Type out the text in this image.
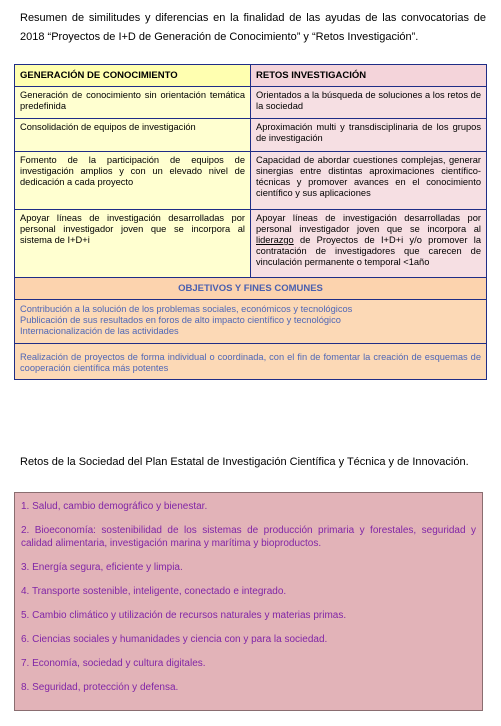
Resumen de similitudes y diferencias en la finalidad de las ayudas de las convocatorias de 2018 “Proyectos de I+D de Generación de Conocimiento” y “Retos Investigación”.
GENERACIÓN DE CONOCIMIENTO	RETOS INVESTIGACIÓN

Generación de conocimiento sin orientación temática predefinida	Orientados a la búsqueda de soluciones a los retos de la sociedad

Consolidación de equipos de investigación	Aproximación multi y transdisciplinaria de los grupos de investigación

Fomento de la participación de equipos de investigación amplios y con un elevado nivel de dedicación a cada proyecto	Capacidad de abordar cuestiones complejas, generar sinergias entre distintas aproximaciones científico-técnicas y promover avances en el conocimiento científico y sus aplicaciones

Apoyar líneas de investigación desarrolladas por personal investigador joven que se incorpora al sistema de I+D+i	Apoyar líneas de investigación desarrolladas por personal investigador joven que se incorpora al liderazgo de Proyectos de I+D+i y/o promover la contratación de investigadores que carecen de vinculación permanente o temporal <1año

OBJETIVOS Y FINES COMUNES	

Contribución a la solución de los problemas sociales, económicos y tecnológicos

Publicación de sus resultados en foros de alto impacto científico y tecnológico

Internacionalización de las actividades	

Realización de proyectos de forma individual o coordinada, con el fin de fomentar la creación de esquemas de cooperación científica más potentes	

Retos de la Sociedad del Plan Estatal de Investigación Científica y Técnica y de Innovación.
1. Salud, cambio demográfico y bienestar.
2. Bioeconomía: sostenibilidad de los sistemas de producción primaria y forestales, seguridad y calidad alimentaria, investigación marina y marítima y bioproductos.
3. Energía segura, eficiente y limpia.
4. Transporte sostenible, inteligente, conectado e integrado.
5. Cambio climático y utilización de recursos naturales y materias primas.
6. Ciencias sociales y humanidades y ciencia con y para la sociedad.
7. Economía, sociedad y cultura digitales.
8. Seguridad, protección y defensa.
